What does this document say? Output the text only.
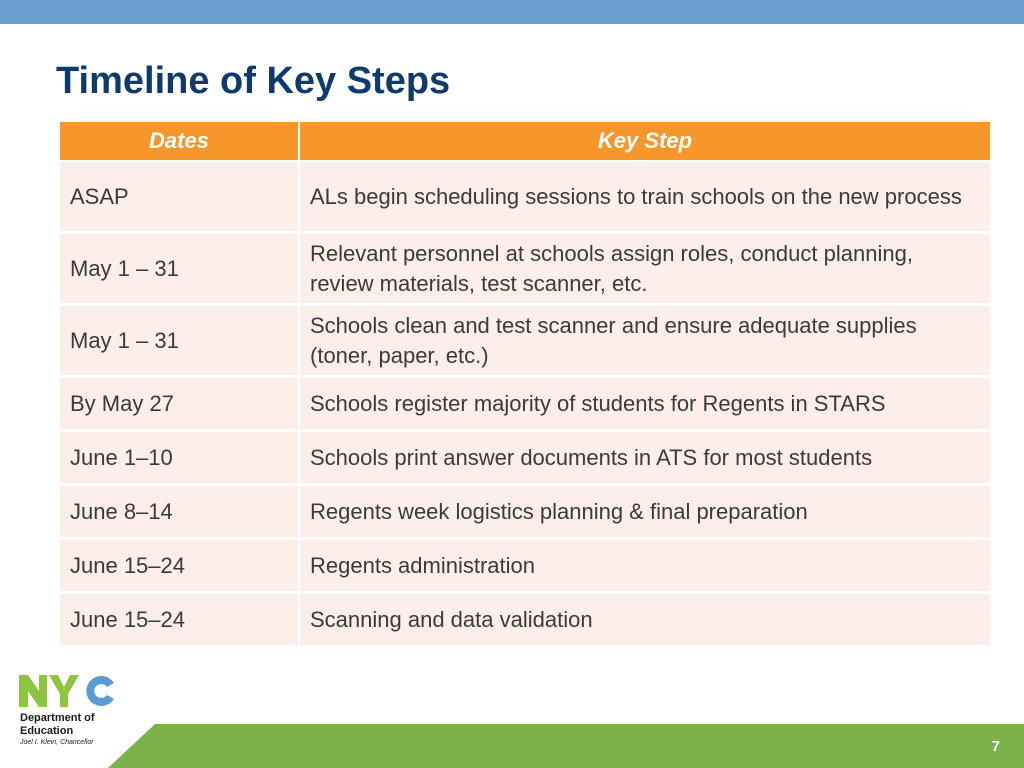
Timeline of Key Steps
Dates	Key Step
ASAP	ALs begin scheduling sessions to train schools on the new process
May 1 – 31	Relevant personnel at schools assign roles, conduct planning, review materials, test scanner, etc.
May 1 – 31	Schools clean and test scanner and ensure adequate supplies (toner, paper, etc.)
By May 27	Schools register majority of students for Regents in STARS
June 1–10	Schools print answer documents in ATS for most students
June 8–14	Regents week logistics planning & final preparation
June 15–24	Regents administration
June 15–24	Scanning and data validation
Department of
Education
Joel I. Klein, Chancellor	7
